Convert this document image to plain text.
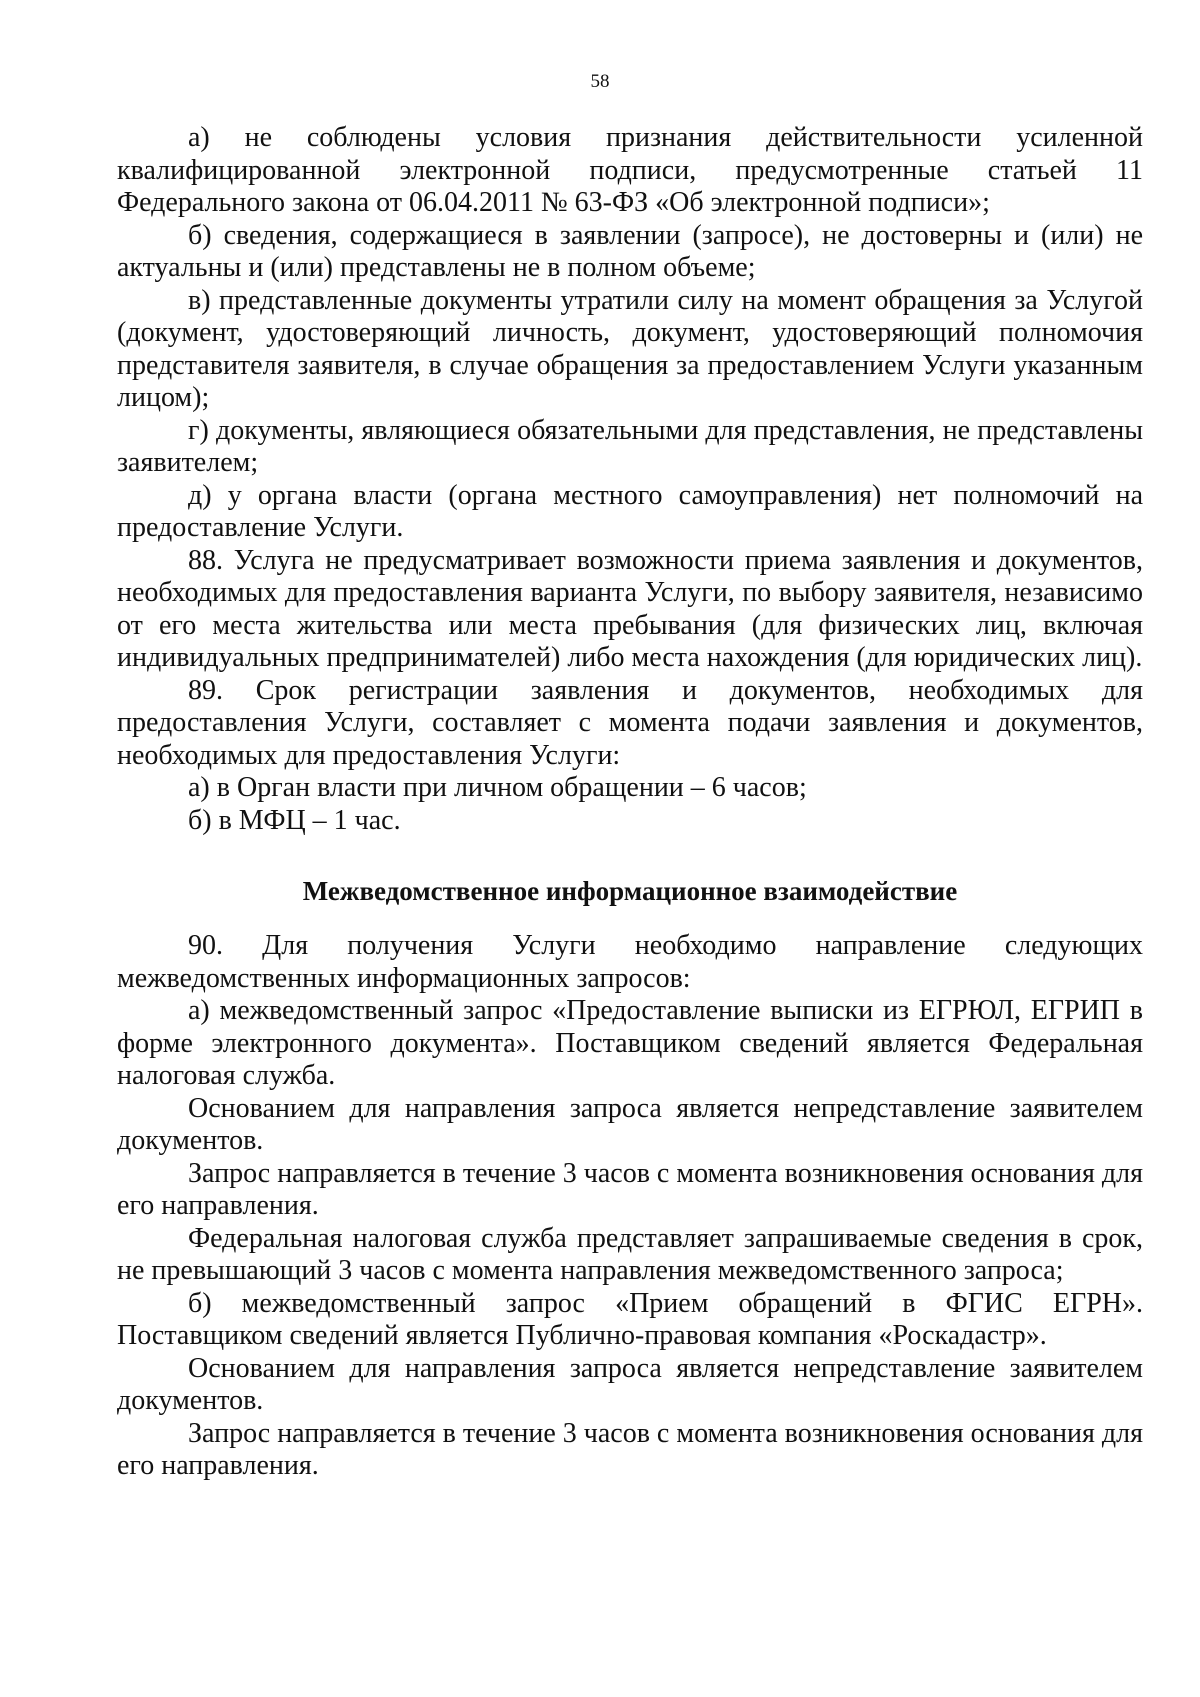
58

а) не соблюдены условия признания действительности усиленной квалифицированной электронной подписи, предусмотренные статьей 11 Федерального закона от 06.04.2011 № 63-ФЗ «Об электронной подписи»;

б) сведения, содержащиеся в заявлении (запросе), не достоверны и (или) не актуальны и (или) представлены не в полном объеме;

в) представленные документы утратили силу на момент обращения за Услугой (документ, удостоверяющий личность, документ, удостоверяющий полномочия представителя заявителя, в случае обращения за предоставлением Услуги указанным лицом);

г) документы, являющиеся обязательными для представления, не представлены заявителем;

д) у органа власти (органа местного самоуправления) нет полномочий на предоставление Услуги.

88. Услуга не предусматривает возможности приема заявления и документов, необходимых для предоставления варианта Услуги, по выбору заявителя, независимо от его места жительства или места пребывания (для физических лиц, включая индивидуальных предпринимателей) либо места нахождения (для юридических лиц).

89. Срок регистрации заявления и документов, необходимых для предоставления Услуги, составляет с момента подачи заявления и документов, необходимых для предоставления Услуги:

а) в Орган власти при личном обращении – 6 часов;

б) в МФЦ – 1 час.

Межведомственное информационное взаимодействие

90. Для получения Услуги необходимо направление следующих межведомственных информационных запросов:

а) межведомственный запрос «Предоставление выписки из ЕГРЮЛ, ЕГРИП в форме электронного документа». Поставщиком сведений является Федеральная налоговая служба.

Основанием для направления запроса является непредставление заявителем документов.

Запрос направляется в течение 3 часов с момента возникновения основания для его направления.

Федеральная налоговая служба представляет запрашиваемые сведения в срок, не превышающий 3 часов с момента направления межведомственного запроса;

б) межведомственный запрос «Прием обращений в ФГИС ЕГРН». Поставщиком сведений является Публично-правовая компания «Роскадастр».

Основанием для направления запроса является непредставление заявителем документов.

Запрос направляется в течение 3 часов с момента возникновения основания для его направления.
